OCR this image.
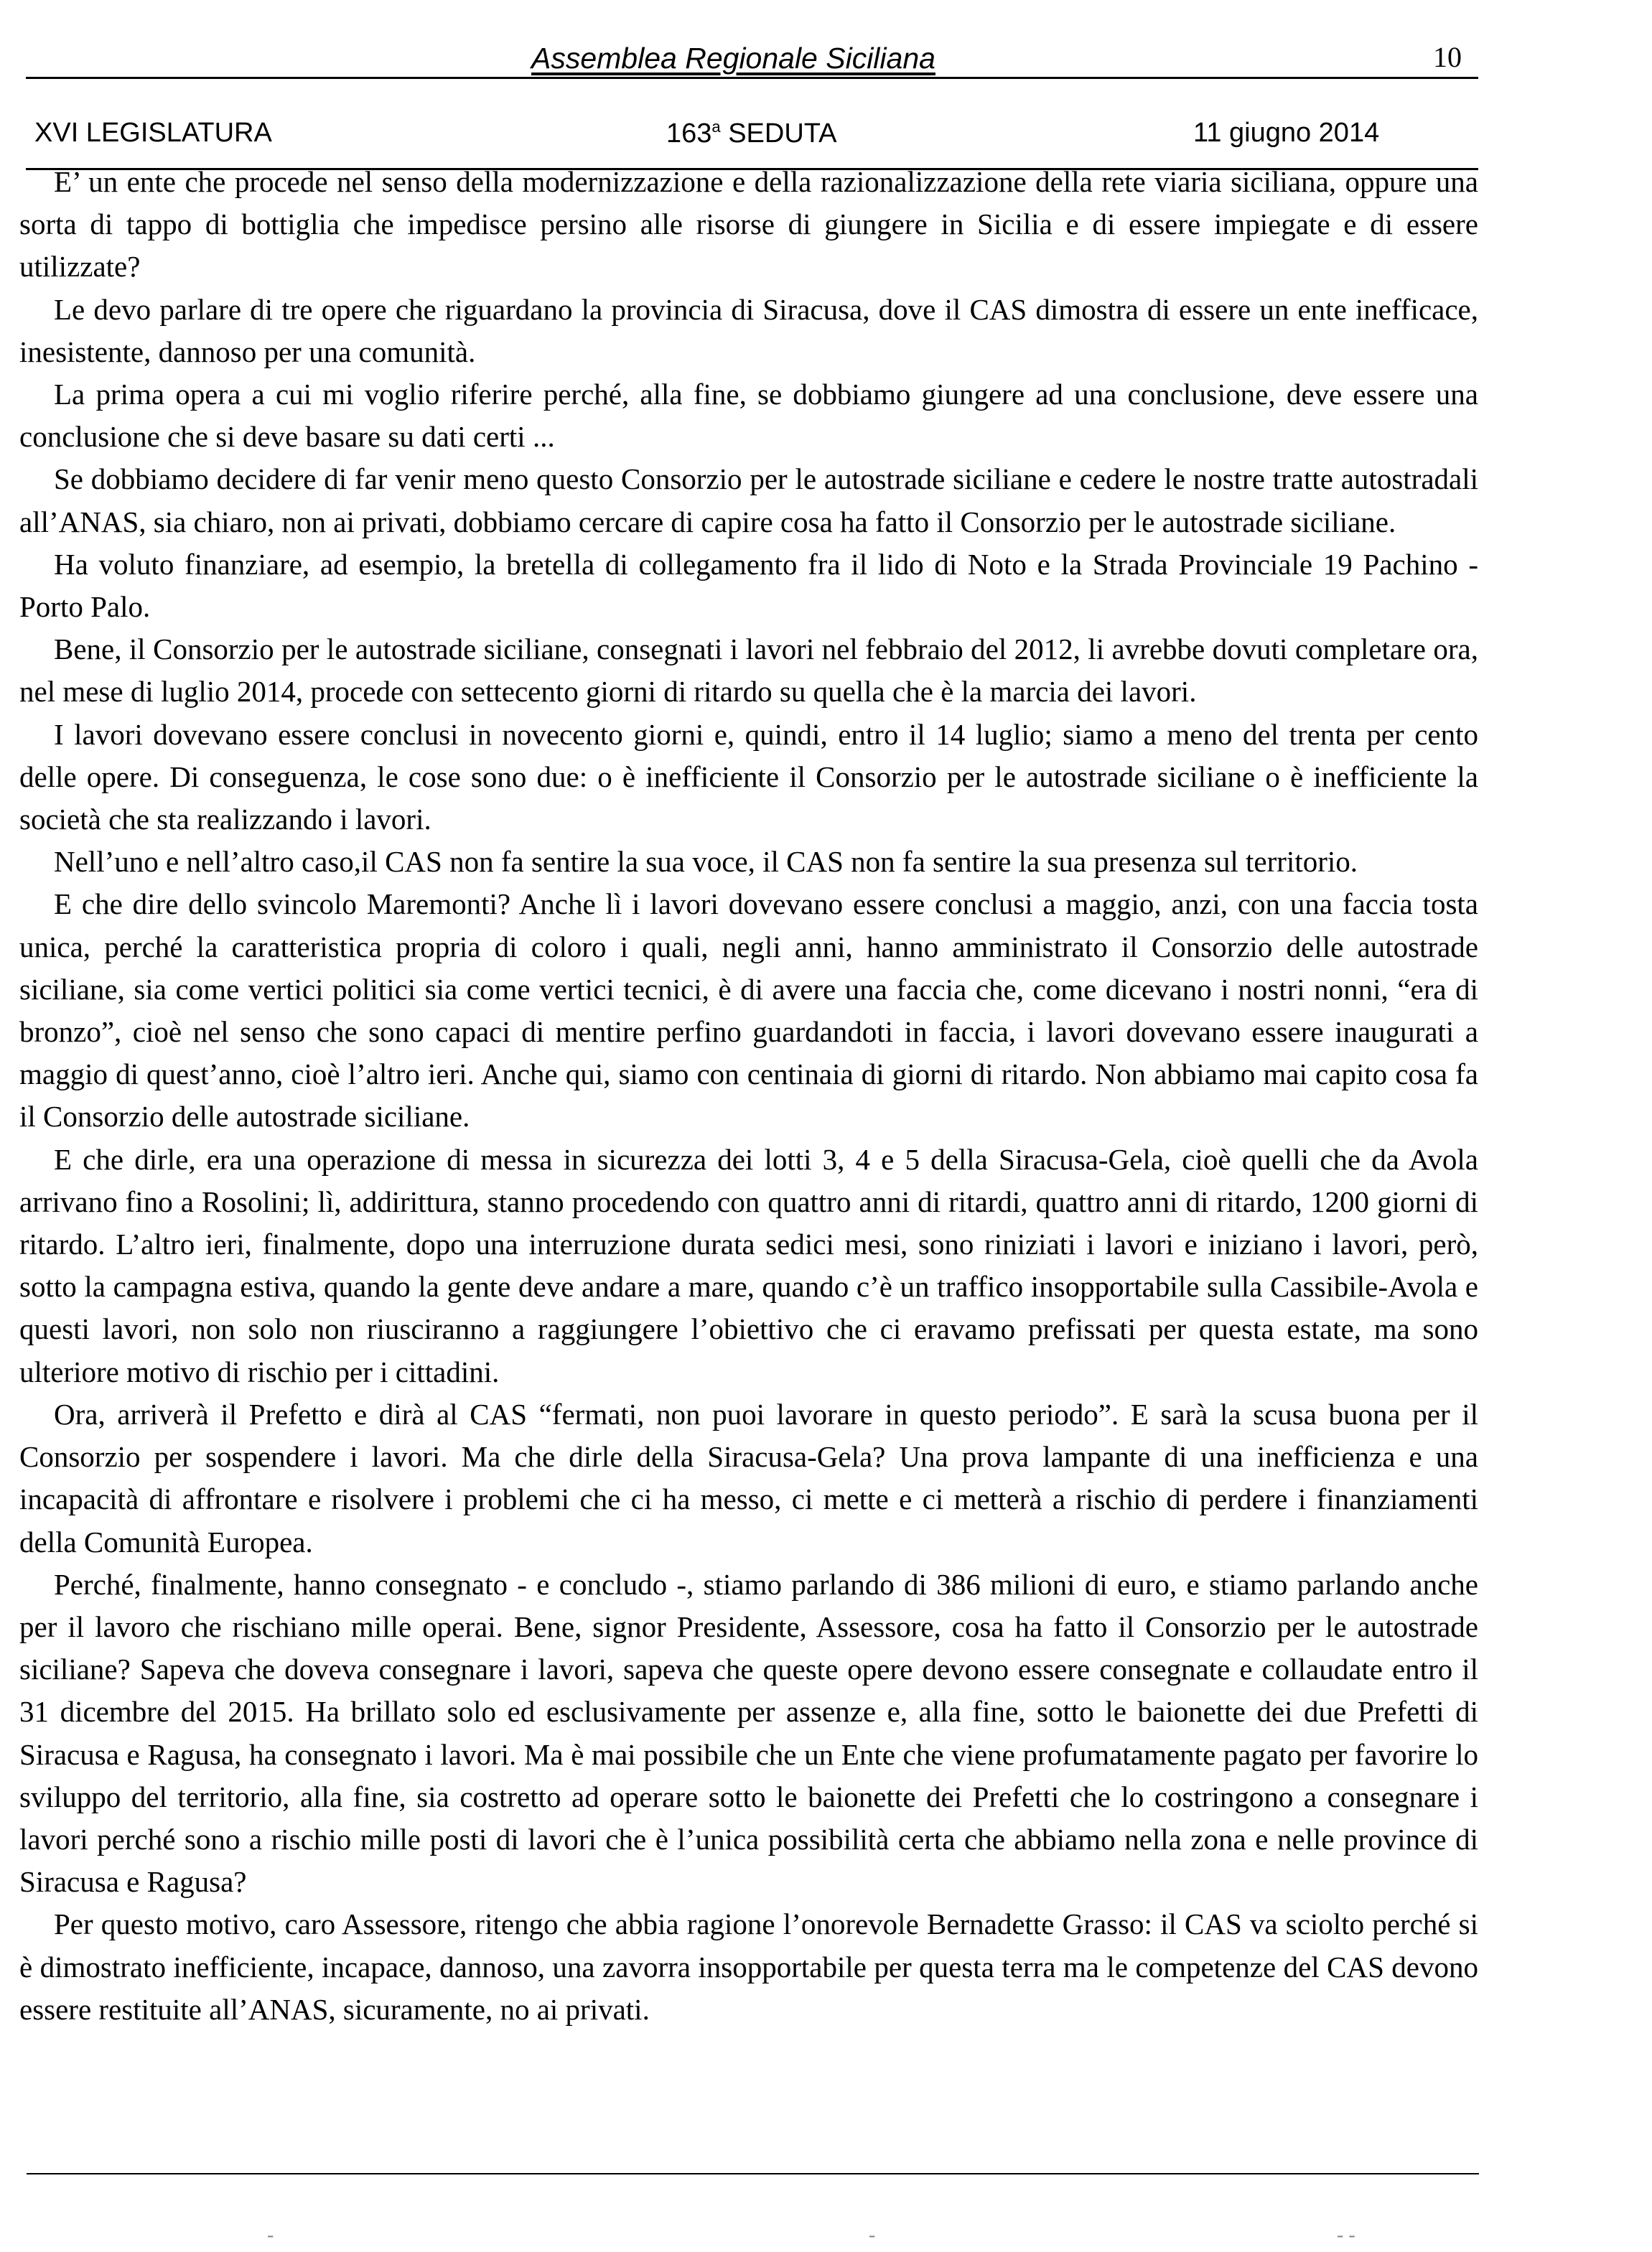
Assemblea Regionale Siciliana	10
XVI LEGISLATURA	163$^a$ SEDUTA	11 giugno 2014

E’ un ente che procede nel senso della modernizzazione e della razionalizzazione della rete viaria siciliana, oppure una sorta di tappo di bottiglia che impedisce persino alle risorse di giungere in Sicilia e di essere impiegate e di essere utilizzate?

Le devo parlare di tre opere che riguardano la provincia di Siracusa, dove il CAS dimostra di essere un ente inefficace, inesistente, dannoso per una comunità.

La prima opera a cui mi voglio riferire perché, alla fine, se dobbiamo giungere ad una conclusione, deve essere una conclusione che si deve basare su dati certi ...

Se dobbiamo decidere di far venir meno questo Consorzio per le autostrade siciliane e cedere le nostre tratte autostradali all’ANAS, sia chiaro, non ai privati, dobbiamo cercare di capire cosa ha fatto il Consorzio per le autostrade siciliane.

Ha voluto finanziare, ad esempio, la bretella di collegamento fra il lido di Noto e la Strada Provinciale 19 Pachino - Porto Palo.

Bene, il Consorzio per le autostrade siciliane, consegnati i lavori nel febbraio del 2012, li avrebbe dovuti completare ora, nel mese di luglio 2014, procede con settecento giorni di ritardo su quella che è la marcia dei lavori.

I lavori dovevano essere conclusi in novecento giorni e, quindi, entro il 14 luglio; siamo a meno del trenta per cento delle opere. Di conseguenza, le cose sono due: o è inefficiente il Consorzio per le autostrade siciliane o è inefficiente la società che sta realizzando i lavori.

Nell’uno e nell’altro caso,il CAS non fa sentire la sua voce, il CAS non fa sentire la sua presenza sul territorio.

E che dire dello svincolo Maremonti? Anche lì i lavori dovevano essere conclusi a maggio, anzi, con una faccia tosta unica, perché la caratteristica propria di coloro i quali, negli anni, hanno amministrato il Consorzio delle autostrade siciliane, sia come vertici politici sia come vertici tecnici, è di avere una faccia che, come dicevano i nostri nonni, “era di bronzo”, cioè nel senso che sono capaci di mentire perfino guardandoti in faccia, i lavori dovevano essere inaugurati a maggio di quest’anno, cioè l’altro ieri. Anche qui, siamo con centinaia di giorni di ritardo. Non abbiamo mai capito cosa fa il Consorzio delle autostrade siciliane.

E che dirle, era una operazione di messa in sicurezza dei lotti 3, 4 e 5 della Siracusa-Gela, cioè quelli che da Avola arrivano fino a Rosolini; lì, addirittura, stanno procedendo con quattro anni di ritardi, quattro anni di ritardo, 1200 giorni di ritardo. L’altro ieri, finalmente, dopo una interruzione durata sedici mesi, sono riniziati i lavori e iniziano i lavori, però, sotto la campagna estiva, quando la gente deve andare a mare, quando c’è un traffico insopportabile sulla Cassibile-Avola e questi lavori, non solo non riusciranno a raggiungere l’obiettivo che ci eravamo prefissati per questa estate, ma sono ulteriore motivo di rischio per i cittadini.

Ora, arriverà il Prefetto e dirà al CAS “fermati, non puoi lavorare in questo periodo”. E sarà la scusa buona per il Consorzio per sospendere i lavori. Ma che dirle della Siracusa-Gela? Una prova lampante di una inefficienza e una incapacità di affrontare e risolvere i problemi che ci ha messo, ci mette e ci metterà a rischio di perdere i finanziamenti della Comunità Europea.

Perché, finalmente, hanno consegnato - e concludo -, stiamo parlando di 386 milioni di euro, e stiamo parlando anche per il lavoro che rischiano mille operai. Bene, signor Presidente, Assessore, cosa ha fatto il Consorzio per le autostrade siciliane? Sapeva che doveva consegnare i lavori, sapeva che queste opere devono essere consegnate e collaudate entro il 31 dicembre del 2015. Ha brillato solo ed esclusivamente per assenze e, alla fine, sotto le baionette dei due Prefetti di Siracusa e Ragusa, ha consegnato i lavori. Ma è mai possibile che un Ente che viene profumatamente pagato per favorire lo sviluppo del territorio, alla fine, sia costretto ad operare sotto le baionette dei Prefetti che lo costringono a consegnare i lavori perché sono a rischio mille posti di lavori che è l’unica possibilità certa che abbiamo nella zona e nelle province di Siracusa e Ragusa?

Per questo motivo, caro Assessore, ritengo che abbia ragione l’onorevole Bernadette Grasso: il CAS va sciolto perché si è dimostrato inefficiente, incapace, dannoso, una zavorra insopportabile per questa terra ma le competenze del CAS devono essere restituite all’ANAS, sicuramente, no ai privati.

-	-	- -
